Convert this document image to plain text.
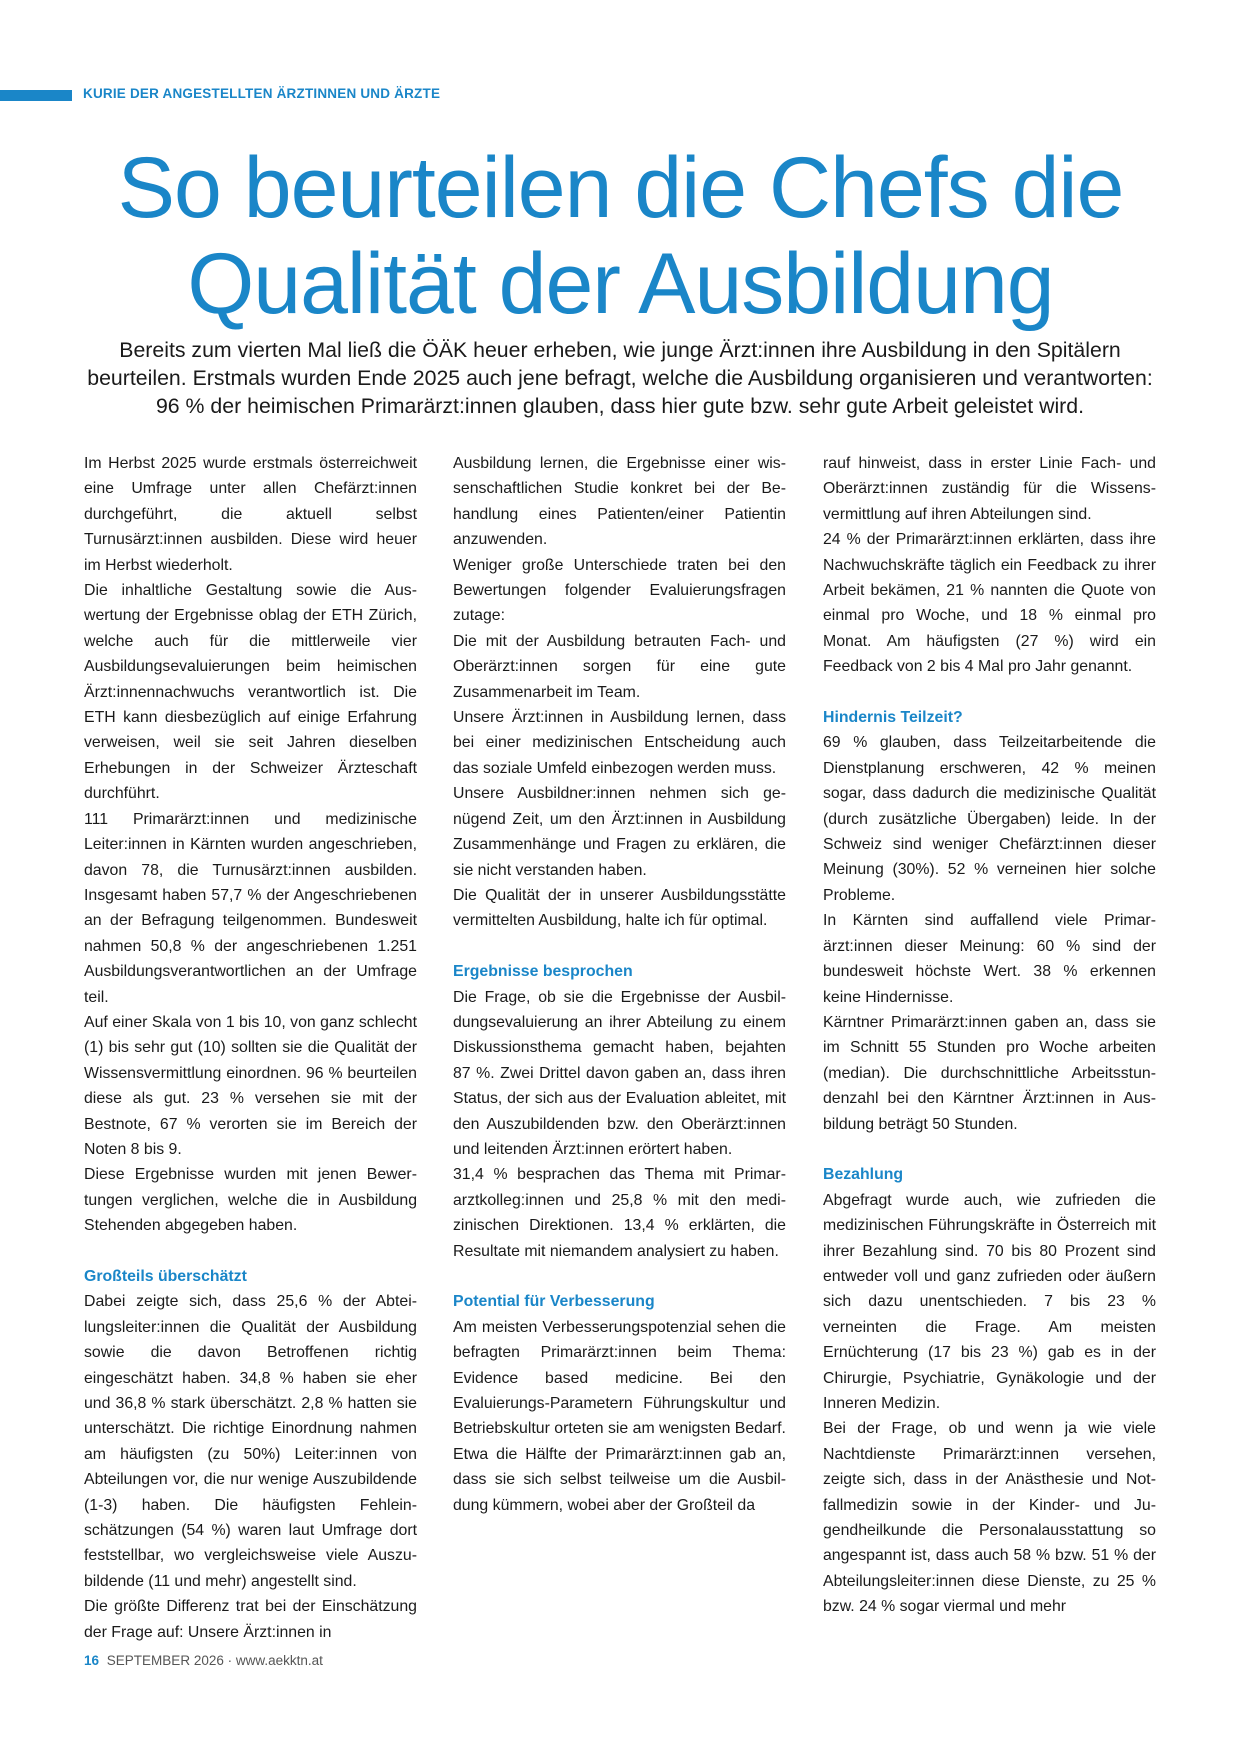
KURIE DER ANGESTELLTEN ÄRZTINNEN UND ÄRZTE
So beurteilen die Chefs die
Qualität der Ausbildung

Bereits zum vierten Mal ließ die ÖÄK heuer erheben, wie junge Ärzt:innen ihre Ausbildung in den Spitälern beurteilen. Erstmals wurden Ende 2025 auch jene befragt, welche die Ausbildung organisieren und verantworten: 96 % der heimischen Primarärzt:innen glauben, dass hier gute bzw. sehr gute Arbeit geleistet wird.

Im Herbst 2025 wurde erstmals österreichweit eine Umfrage unter allen Chefärzt:innen durchgeführt, die aktuell selbst Turnusärzt:innen ausbilden. Diese wird heuer im Herbst wiederholt.

Die inhaltliche Gestaltung sowie die Auswertung der Ergebnisse oblag der ETH Zürich, welche auch für die mittlerweile vier Ausbildungsevaluierungen beim heimischen Ärzt:innennachwuchs verantwortlich ist. Die ETH kann diesbezüglich auf einige Erfahrung verweisen, weil sie seit Jahren dieselben Erhebungen in der Schweizer Ärzteschaft durchführt.

111 Primarärzt:innen und medizinische Leiter:innen in Kärnten wurden angeschrieben, davon 78, die Turnusärzt:innen ausbilden. Insgesamt haben 57,7 % der Angeschriebenen an der Befragung teilgenommen. Bundesweit nahmen 50,8 % der angeschriebenen 1.251 Ausbildungsverantwortlichen an der Umfrage teil.

Auf einer Skala von 1 bis 10, von ganz schlecht (1) bis sehr gut (10) sollten sie die Qualität der Wissensvermittlung einordnen. 96 % beurteilen diese als gut. 23 % versehen sie mit der Bestnote, 67 % verorten sie im Bereich der Noten 8 bis 9.

Diese Ergebnisse wurden mit jenen Bewertungen verglichen, welche die in Ausbildung Stehenden abgegeben haben.

Großteils überschätzt

Dabei zeigte sich, dass 25,6 % der Abteilungsleiter:innen die Qualität der Ausbildung sowie die davon Betroffenen richtig eingeschätzt haben. 34,8 % haben sie eher und 36,8 % stark überschätzt. 2,8 % hatten sie unterschätzt. Die richtige Einordnung nahmen am häufigsten (zu 50%) Leiter:innen von Abteilungen vor, die nur wenige Auszubildende (1-3) haben. Die häufigsten Fehleinschätzungen (54 %) waren laut Umfrage dort feststellbar, wo vergleichsweise viele Auszubildende (11 und mehr) angestellt sind.

Die größte Differenz trat bei der Einschätzung der Frage auf: Unsere Ärzt:innen in

Ausbildung lernen, die Ergebnisse einer wissenschaftlichen Studie konkret bei der Behandlung eines Patienten/einer Patientin anzuwenden.

Weniger große Unterschiede traten bei den Bewertungen folgender Evaluierungsfragen zutage:

Die mit der Ausbildung betrauten Fach- und Oberärzt:innen sorgen für eine gute Zusammenarbeit im Team.

Unsere Ärzt:innen in Ausbildung lernen, dass bei einer medizinischen Entscheidung auch das soziale Umfeld einbezogen werden muss.

Unsere Ausbildner:innen nehmen sich genügend Zeit, um den Ärzt:innen in Ausbildung Zusammenhänge und Fragen zu erklären, die sie nicht verstanden haben.

Die Qualität der in unserer Ausbildungsstätte vermittelten Ausbildung, halte ich für optimal.

Ergebnisse besprochen

Die Frage, ob sie die Ergebnisse der Ausbildungsevaluierung an ihrer Abteilung zu einem Diskussionsthema gemacht haben, bejahten 87 %. Zwei Drittel davon gaben an, dass ihren Status, der sich aus der Evaluation ableitet, mit den Auszubildenden bzw. den Oberärzt:innen und leitenden Ärzt:innen erörtert haben.

31,4 % besprachen das Thema mit Primararztkolleg:innen und 25,8 % mit den medizinischen Direktionen. 13,4 % erklärten, die Resultate mit niemandem analysiert zu haben.

Potential für Verbesserung

Am meisten Verbesserungspotenzial sehen die befragten Primarärzt:innen beim Thema: Evidence based medicine. Bei den Evaluierungs-Parametern Führungskultur und Betriebskultur orteten sie am wenigsten Bedarf.

Etwa die Hälfte der Primarärzt:innen gab an, dass sie sich selbst teilweise um die Ausbildung kümmern, wobei aber der Großteil da

rauf hinweist, dass in erster Linie Fach- und Oberärzt:innen zuständig für die Wissensvermittlung auf ihren Abteilungen sind.

24 % der Primarärzt:innen erklärten, dass ihre Nachwuchskräfte täglich ein Feedback zu ihrer Arbeit bekämen, 21 % nannten die Quote von einmal pro Woche, und 18 % einmal pro Monat. Am häufigsten (27 %) wird ein Feedback von 2 bis 4 Mal pro Jahr genannt.

Hindernis Teilzeit?

69 % glauben, dass Teilzeitarbeitende die Dienstplanung erschweren, 42 % meinen sogar, dass dadurch die medizinische Qualität (durch zusätzliche Übergaben) leide. In der Schweiz sind weniger Chefärzt:innen dieser Meinung (30%). 52 % verneinen hier solche Probleme.

In Kärnten sind auffallend viele Primarärzt:innen dieser Meinung: 60 % sind der bundesweit höchste Wert. 38 % erkennen keine Hindernisse.

Kärntner Primarärzt:innen gaben an, dass sie im Schnitt 55 Stunden pro Woche arbeiten (median). Die durchschnittliche Arbeitsstundenzahl bei den Kärntner Ärzt:innen in Ausbildung beträgt 50 Stunden.

Bezahlung

Abgefragt wurde auch, wie zufrieden die medizinischen Führungskräfte in Österreich mit ihrer Bezahlung sind. 70 bis 80 Prozent sind entweder voll und ganz zufrieden oder äußern sich dazu unentschieden. 7 bis 23 % verneinten die Frage. Am meisten Ernüchterung (17 bis 23 %) gab es in der Chirurgie, Psychiatrie, Gynäkologie und der Inneren Medizin.

Bei der Frage, ob und wenn ja wie viele Nachtdienste Primarärzt:innen versehen, zeigte sich, dass in der Anästhesie und Notfallmedizin sowie in der Kinder- und Jugendheilkunde die Personalausstattung so angespannt ist, dass auch 58 % bzw. 51 % der Abteilungsleiter:innen diese Dienste, zu 25 % bzw. 24 % sogar viermal und mehr

16 SEPTEMBER 2026 · www.aekktn.at
